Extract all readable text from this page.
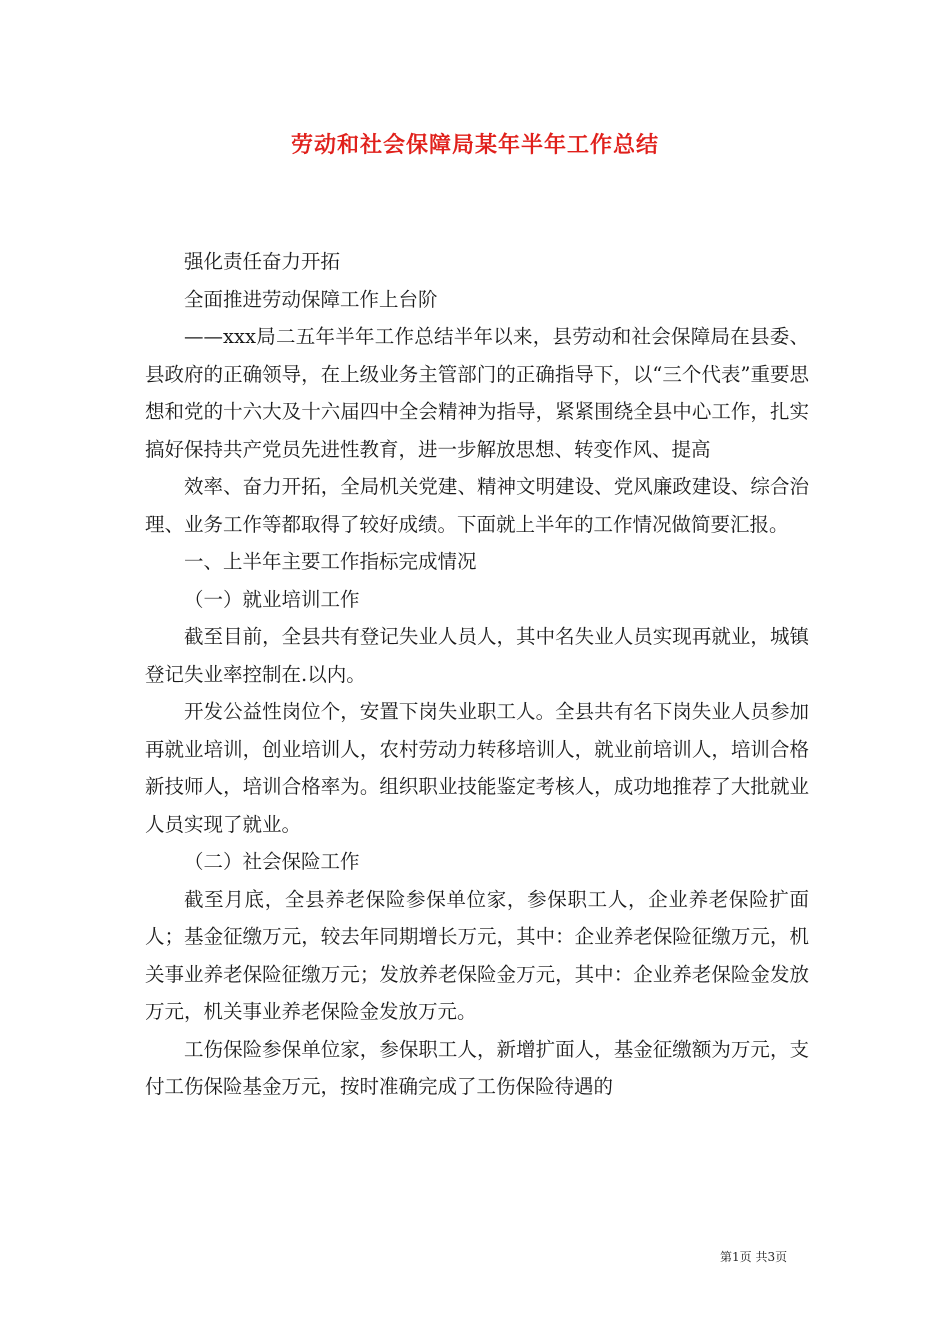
劳动和社会保障局某年半年工作总结

强化责任奋力开拓

全面推进劳动保障工作上台阶

——xxx局二五年半年工作总结半年以来，县劳动和社会保障局在县委、县政府的正确领导，在上级业务主管部门的正确指导下，以“三个代表”重要思想和党的十六大及十六届四中全会精神为指导，紧紧围绕全县中心工作，扎实搞好保持共产党员先进性教育，进一步解放思想、转变作风、提高

效率、奋力开拓，全局机关党建、精神文明建设、党风廉政建设、综合治理、业务工作等都取得了较好成绩。下面就上半年的工作情况做简要汇报。

一、上半年主要工作指标完成情况

（一）就业培训工作

截至目前，全县共有登记失业人员人，其中名失业人员实现再就业，城镇登记失业率控制在.以内。

开发公益性岗位个，安置下岗失业职工人。全县共有名下岗失业人员参加再就业培训，创业培训人，农村劳动力转移培训人，就业前培训人，培训合格新技师人，培训合格率为。组织职业技能鉴定考核人，成功地推荐了大批就业人员实现了就业。

（二）社会保险工作

截至月底，全县养老保险参保单位家，参保职工人，企业养老保险扩面人；基金征缴万元，较去年同期增长万元，其中：企业养老保险征缴万元，机关事业养老保险征缴万元；发放养老保险金万元，其中：企业养老保险金发放万元，机关事业养老保险金发放万元。

工伤保险参保单位家，参保职工人，新增扩面人，基金征缴额为万元，支付工伤保险基金万元，按时准确完成了工伤保险待遇的

第1页 共3页
